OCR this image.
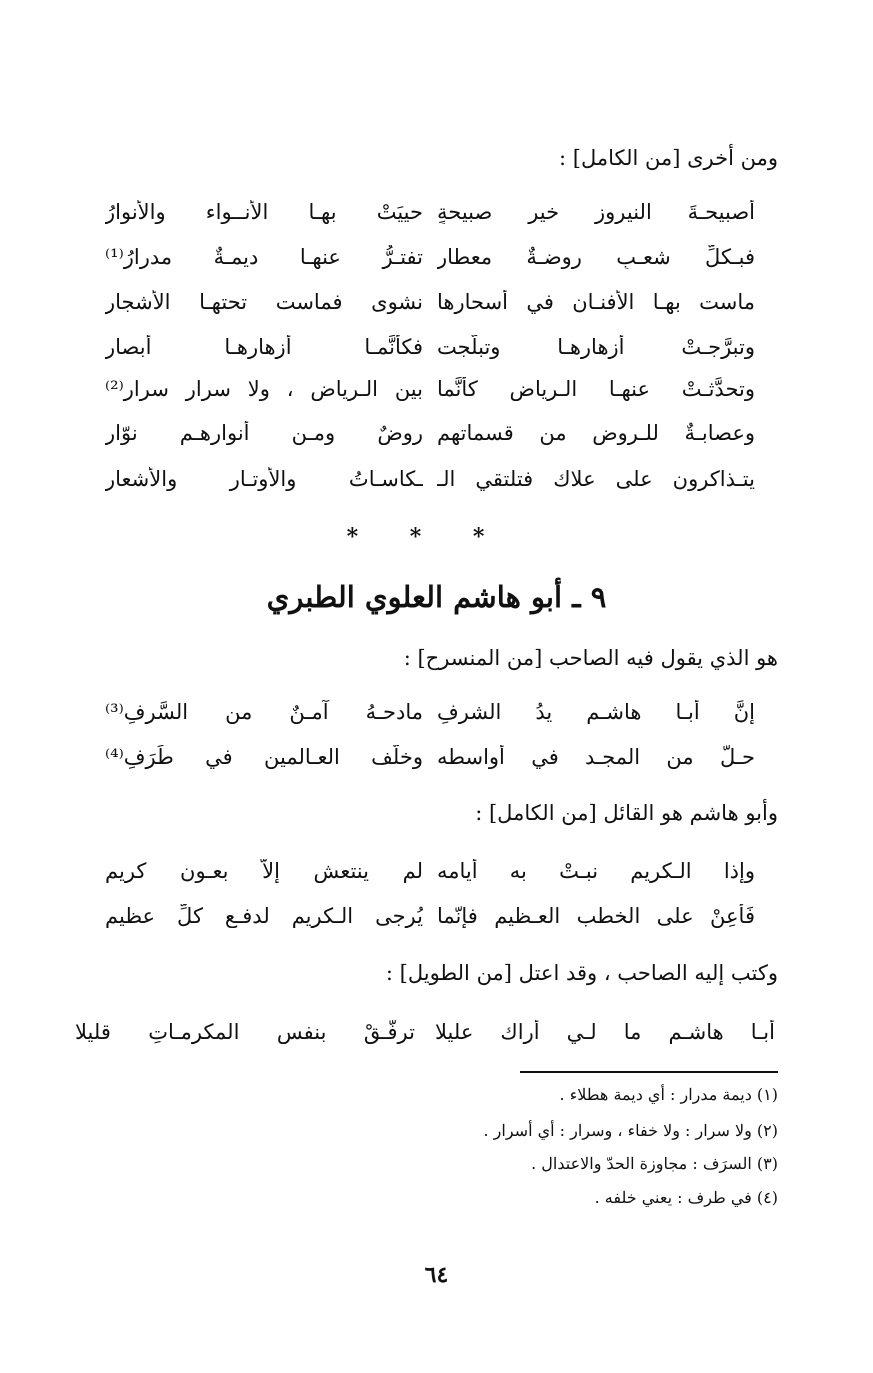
ومن أخرى [من الكامل] :
أصبيحـةَ النيروز خير صبيحةٍ
حييَتْ بهـا الأنــواء والأنوارُ
فبـكلِّ شعـبٍ روضـةٌ معطار
تفتـرُّ عنهـا ديمـةٌ مدرارُ⁽¹⁾
ماست بهـا الأفنـان في أسحارها
نشوى فماست تحتهـا الأشجار
وتبرَّجـتْ أزهارهـا وتبلَّجت
فكأنَّمـا أزهارهـا أبصار
وتحدَّثـتْ عنهـا الـرياض كأنَّما
بين الـرياض ، ولا سرار سرار⁽²⁾
وعصابـةٌ للـروض من قسماتهم
روضٌ ومـن أنوارهـم نوّار
يتـذاكرون على علاك فتلتقي الـ
ـكاسـاتُ والأوتـار والأشعار
* * *
٩ ـ أبو هاشم العلوي الطبري
هو الذي يقول فيه الصاحب [من المنسرح] :
إنَّ أبـا هاشـمٍ يدُ الشرفِ
مادحـهُ آمـنٌ من السَّرفِ⁽³⁾
حـلَّ من المجـد في أواسطه
وخلَّف العـالمين في طَرَفِ⁽⁴⁾
وأبو هاشم هو القائل [من الكامل] :
وإذا الـكريم نبـتْ به أيامه
لم ينتعش إلاَّ بعـونِ كريم
فَأَعِنْ على الخطب العـظيم فإنّما
يُرجى الـكريم لدفـع كلِّ عظيم
وكتب إليه الصاحب ، وقد اعتل [من الطويل] :
أبـا هاشـمٍ ما لـي أراك عليلا
ترفَّـقْ بنفس المكرمـاتِ قليلا
(١) ديمة مدرار : أي ديمة هطلاء .
(٢) ولا سرار : ولا خفاء ، وسرار : أي أسرار .
(٣) السرَف : مجاوزة الحدّ والاعتدال .
(٤) في طرف : يعني خلفه .
٦٤
